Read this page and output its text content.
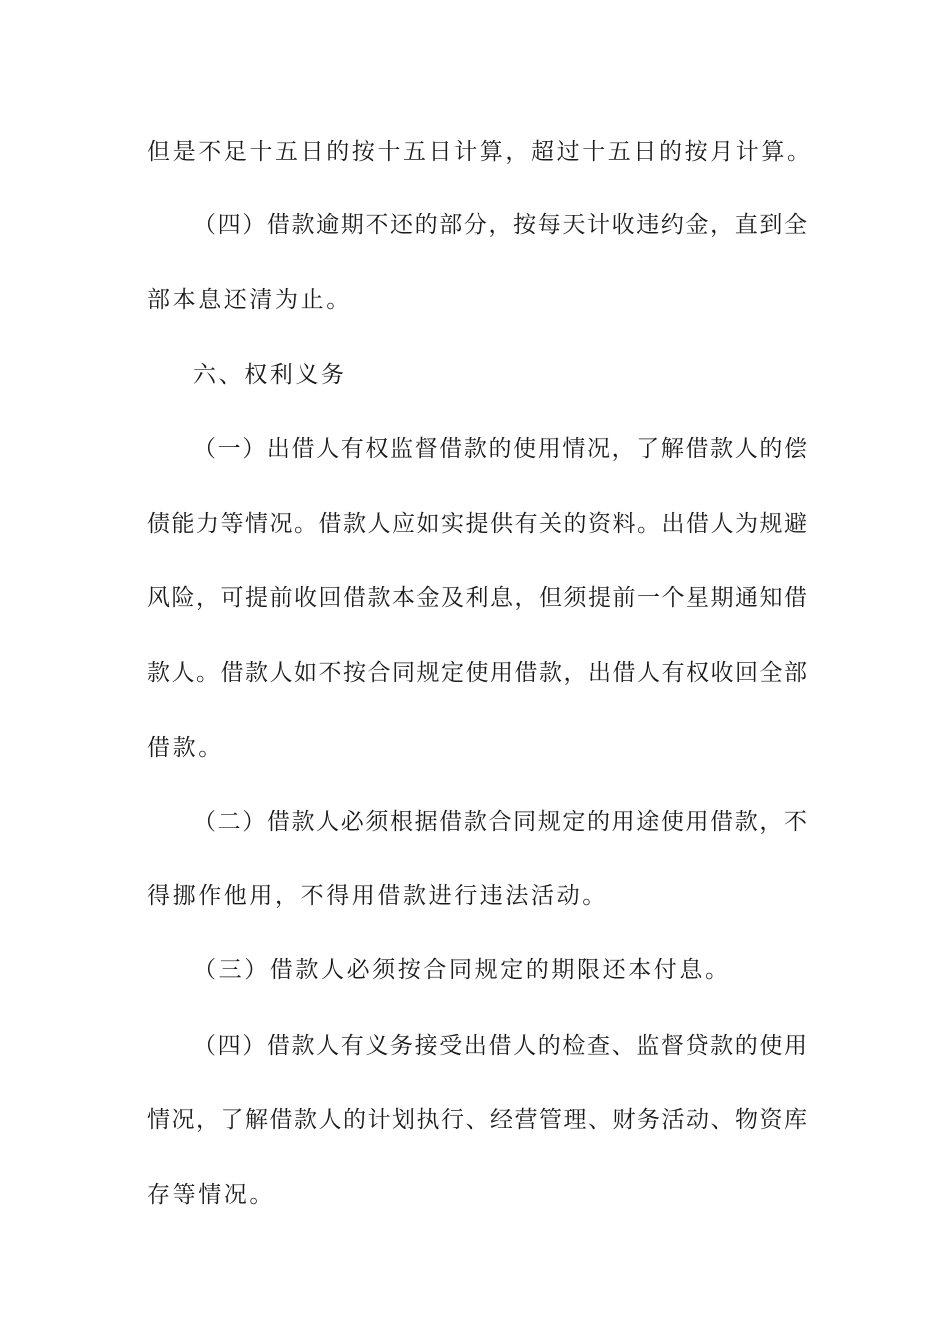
但是不足十五日的按十五日计算，超过十五日的按月计算。
（四）借款逾期不还的部分，按每天计收违约金，直到全
部本息还清为止。
六、权利义务
（一）出借人有权监督借款的使用情况，了解借款人的偿
债能力等情况。借款人应如实提供有关的资料。出借人为规避
风险，可提前收回借款本金及利息，但须提前一个星期通知借
款人。借款人如不按合同规定使用借款，出借人有权收回全部
借款。
（二）借款人必须根据借款合同规定的用途使用借款，不
得挪作他用，不得用借款进行违法活动。
（三）借款人必须按合同规定的期限还本付息。
（四）借款人有义务接受出借人的检查、监督贷款的使用
情况，了解借款人的计划执行、经营管理、财务活动、物资库
存等情况。
